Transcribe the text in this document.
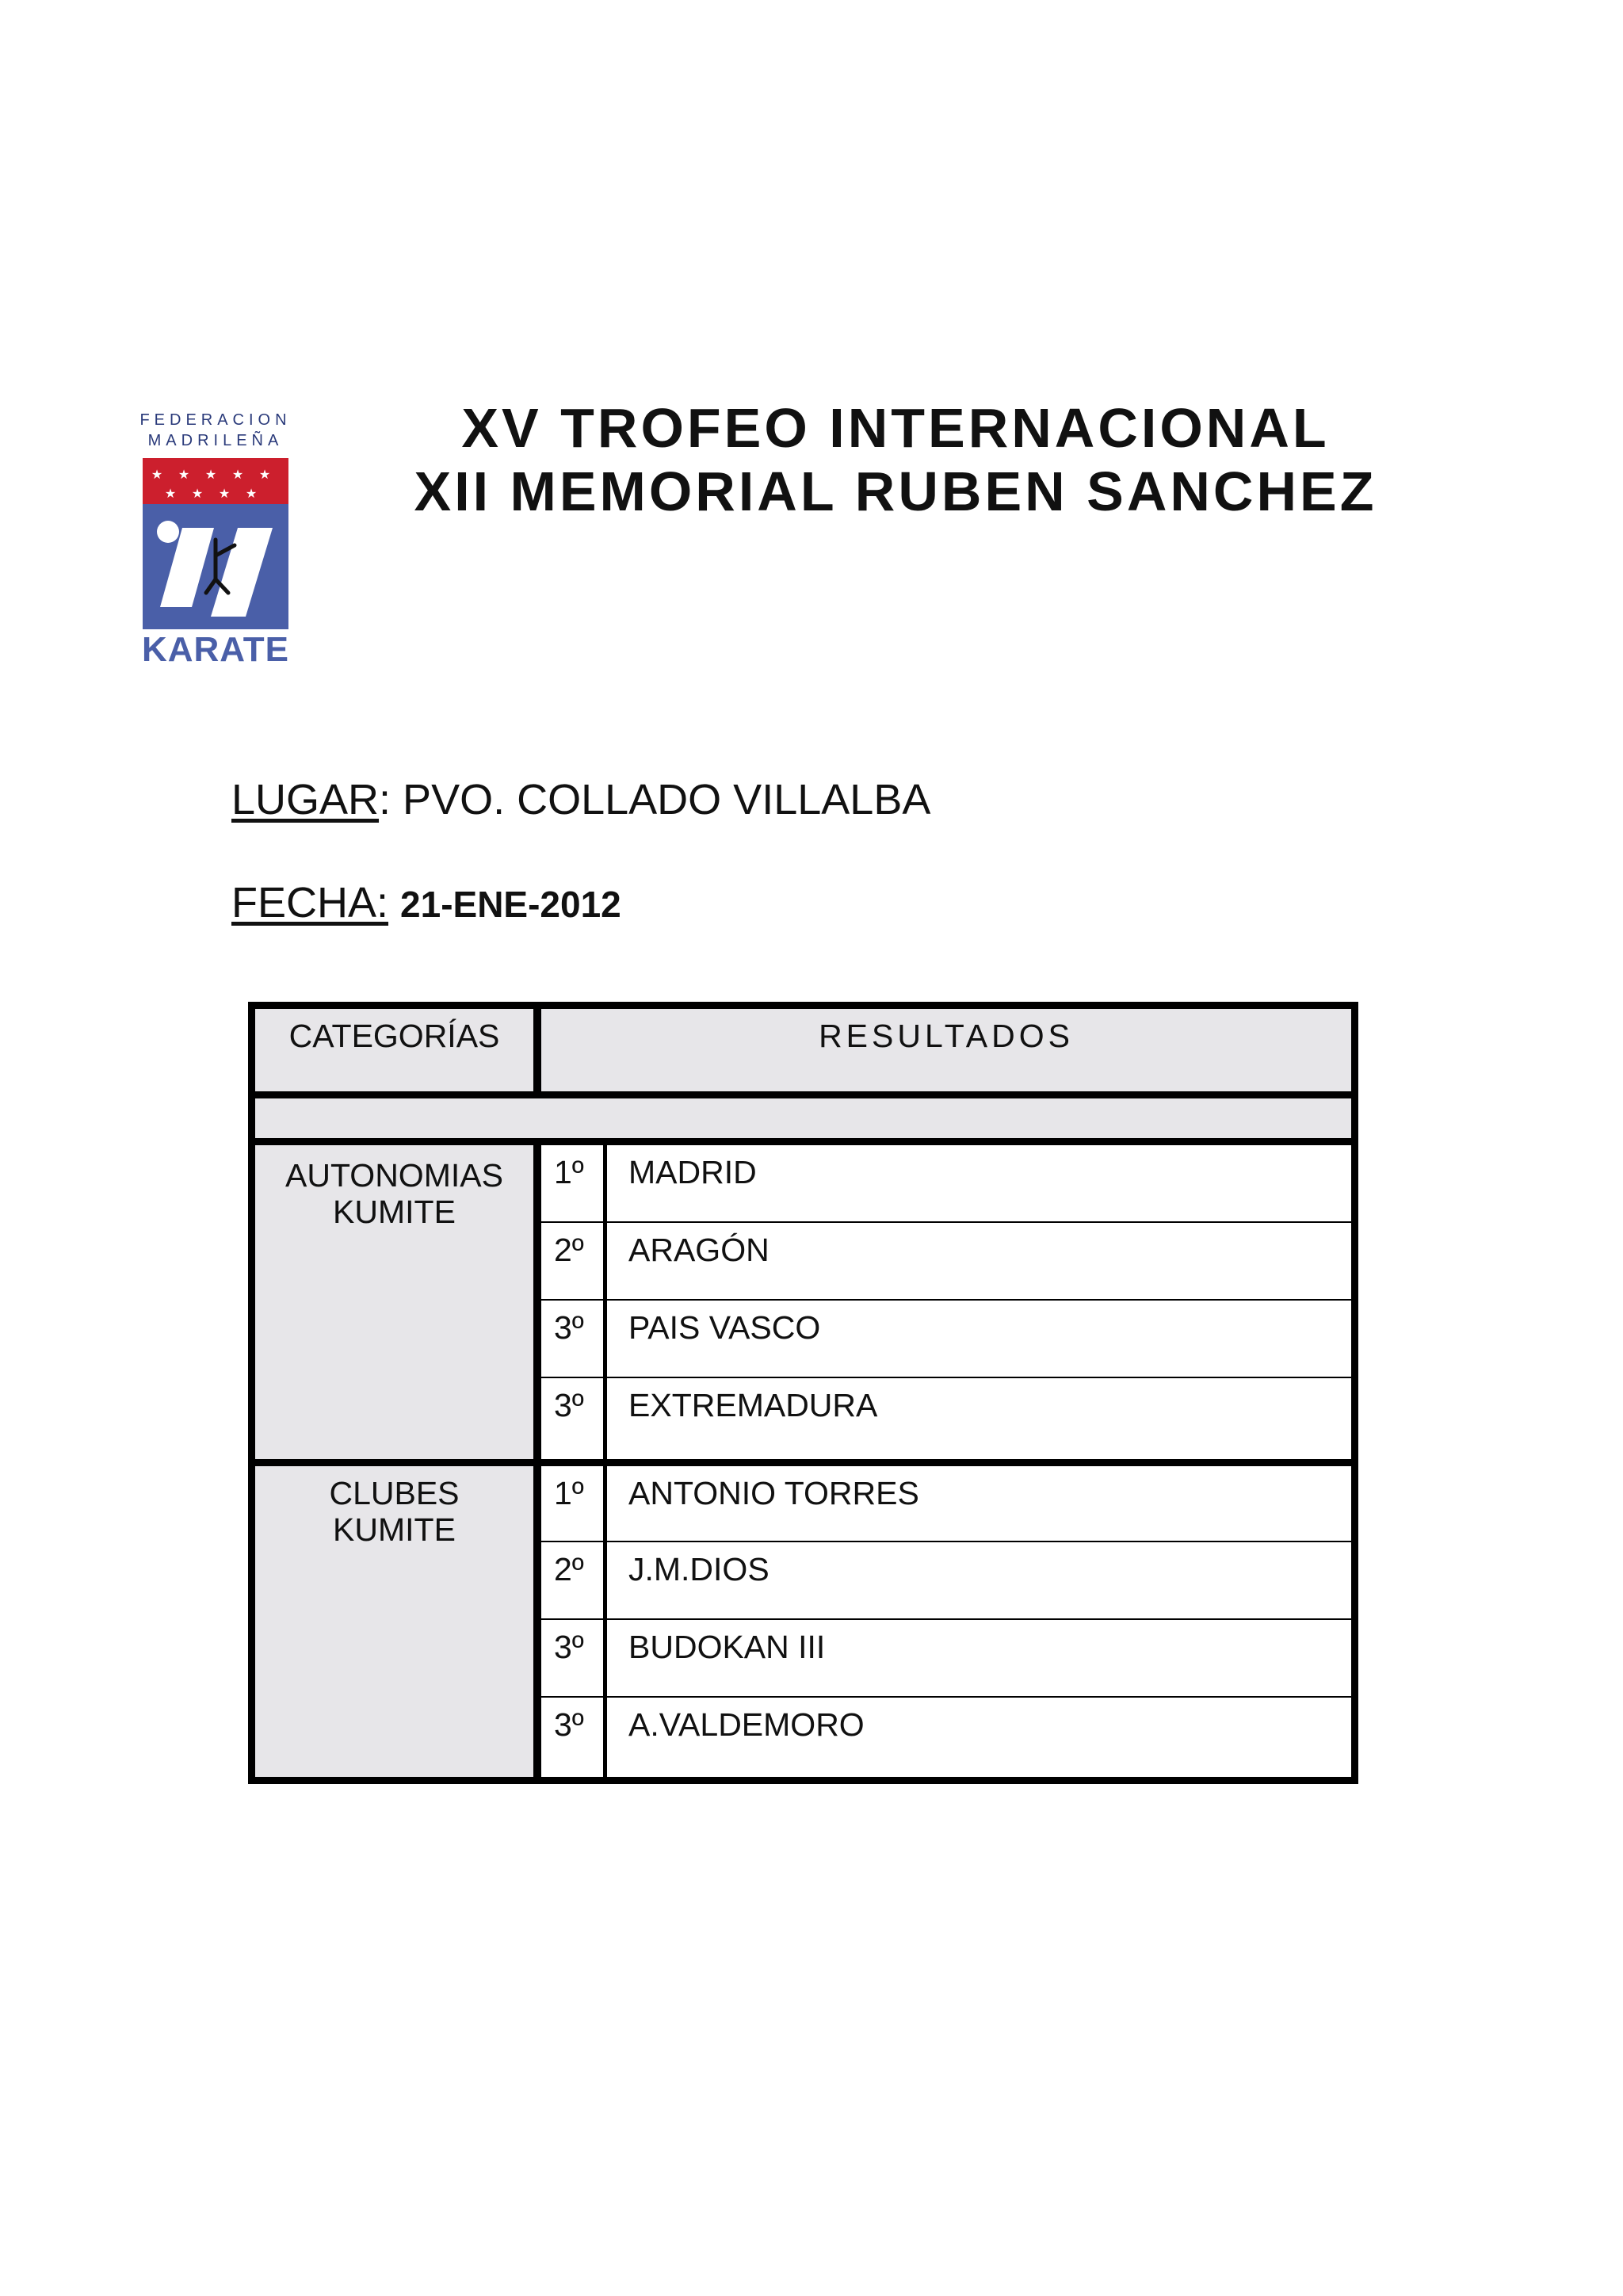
FEDERACION
MADRILEÑA
★ ★ ★ ★ ★
★ ★ ★ ★
KARATE
XV TROFEO INTERNACIONAL
XII MEMORIAL RUBEN SANCHEZ
LUGAR: PVO. COLLADO VILLALBA
FECHA: 21-ENE-2012
CATEGORÍAS	RESULTADOS
AUTONOMIAS
KUMITE
1º MADRID
2º ARAGÓN
3º PAIS VASCO
3º EXTREMADURA
CLUBES
KUMITE
1º ANTONIO TORRES
2º J.M.DIOS
3º BUDOKAN III
3º A.VALDEMORO
